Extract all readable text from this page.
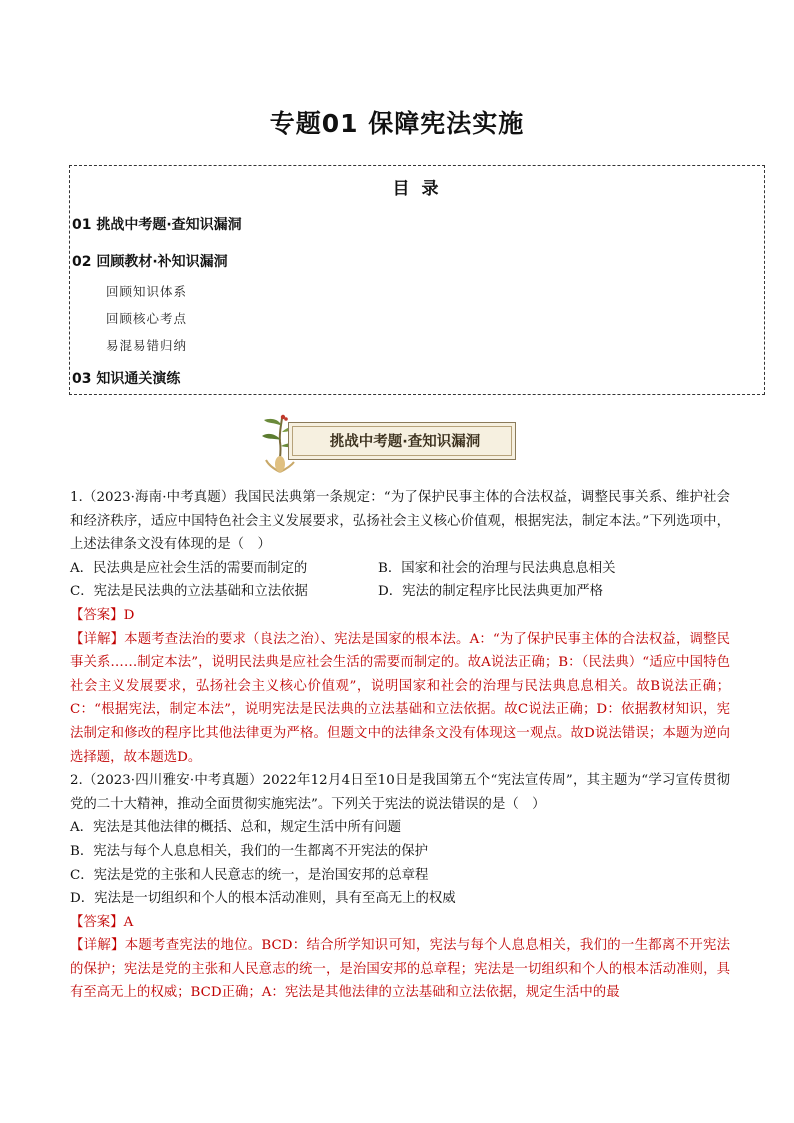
专题01 保障宪法实施
目 录
01 挑战中考题·查知识漏洞
02 回顾教材·补知识漏洞
回顾知识体系
回顾核心考点
易混易错归纳
03 知识通关演练
挑战中考题·查知识漏洞

1.（2023·海南·中考真题）我国民法典第一条规定：“为了保护民事主体的合法权益，调整民事关系、维护社会和经济秩序，适应中国特色社会主义发展要求，弘扬社会主义核心价值观，根据宪法，制定本法。”下列选项中，上述法律条文没有体现的是（　）

A．民法典是应社会生活的需要而制定的	B．国家和社会的治理与民法典息息相关
C．宪法是民法典的立法基础和立法依据	D．宪法的制定程序比民法典更加严格

【答案】D

【详解】本题考查法治的要求（良法之治）、宪法是国家的根本法。A：“为了保护民事主体的合法权益，调整民事关系……制定本法”，说明民法典是应社会生活的需要而制定的。故A说法正确；B：（民法典）“适应中国特色社会主义发展要求，弘扬社会主义核心价值观”，说明国家和社会的治理与民法典息息相关。故B说法正确；C：“根据宪法，制定本法”，说明宪法是民法典的立法基础和立法依据。故C说法正确；D：依据教材知识，宪法制定和修改的程序比其他法律更为严格。但题文中的法律条文没有体现这一观点。故D说法错误；本题为逆向选择题，故本题选D。

2.（2023·四川雅安·中考真题）2022年12月4日至10日是我国第五个“宪法宣传周”，其主题为“学习宣传贯彻党的二十大精神，推动全面贯彻实施宪法”。下列关于宪法的说法错误的是（　）

A．宪法是其他法律的概括、总和，规定生活中所有问题

B．宪法与每个人息息相关，我们的一生都离不开宪法的保护

C．宪法是党的主张和人民意志的统一，是治国安邦的总章程

D．宪法是一切组织和个人的根本活动准则，具有至高无上的权威

【答案】A

【详解】本题考查宪法的地位。BCD：结合所学知识可知，宪法与每个人息息相关，我们的一生都离不开宪法的保护；宪法是党的主张和人民意志的统一，是治国安邦的总章程；宪法是一切组织和个人的根本活动准则，具有至高无上的权威；BCD正确；A：宪法是其他法律的立法基础和立法依据，规定生活中的最
